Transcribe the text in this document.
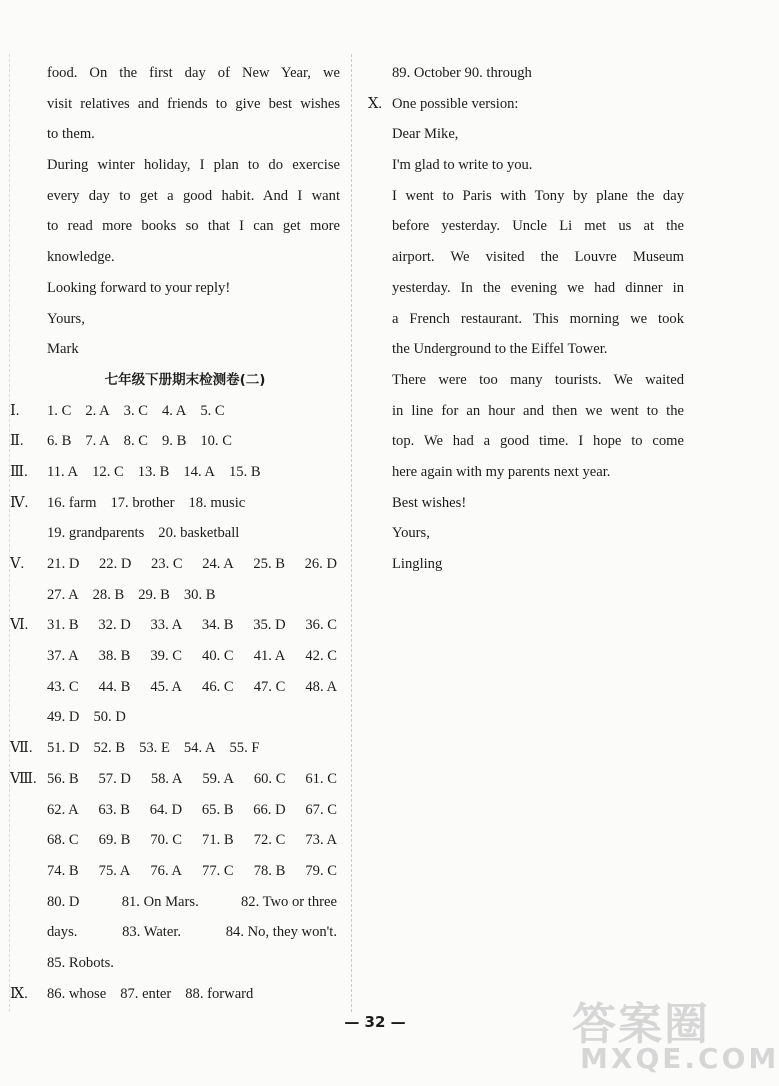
food. On the first day of New Year, we
visit relatives and friends to give best wishes
to them.
During winter holiday, I plan to do exercise
every day to get a good habit. And I want
to read more books so that I can get more
knowledge.
Looking forward to your reply!
Yours,
Mark
七年级下册期末检测卷(二)
Ⅰ.	1. C 2. A 3. C 4. A 5. C
Ⅱ.	6. B 7. A 8. C 9. B 10. C
Ⅲ.	11. A 12. C 13. B 14. A 15. B
Ⅳ.	16. farm 17. brother 18. music
19. grandparents 20. basketball
Ⅴ.	21. D 22. D 23. C 24. A 25. B 26. D
27. A 28. B 29. B 30. B
Ⅵ.	31. B 32. D 33. A 34. B 35. D 36. C
37. A 38. B 39. C 40. C 41. A 42. C
43. C 44. B 45. A 46. C 47. C 48. A
49. D 50. D
Ⅶ. 51. D 52. B 53. E 54. A 55. F
Ⅷ. 56. B 57. D 58. A 59. A 60. C 61. C
62. A 63. B 64. D 65. B 66. D 67. C
68. C 69. B 70. C 71. B 72. C 73. A
74. B 75. A 76. A 77. C 78. B 79. C
80. D	81. On Mars.	82. Two or three
days.	83. Water.	84. No, they won't.
85. Robots.
Ⅸ.	86. whose 87. enter 88. forward
89. October 90. through
Ⅹ. One possible version:
Dear Mike,
I'm glad to write to you.
I went to Paris with Tony by plane the day
before yesterday. Uncle Li met us at the
airport. We visited the Louvre Museum
yesterday. In the evening we had dinner in
a French restaurant. This morning we took
the Underground to the Eiffel Tower.
There were too many tourists. We waited
in line for an hour and then we went to the
top. We had a good time. I hope to come
here again with my parents next year.
Best wishes!
Yours,
Lingling
— 32 —	答案圈
MXQE.COM
